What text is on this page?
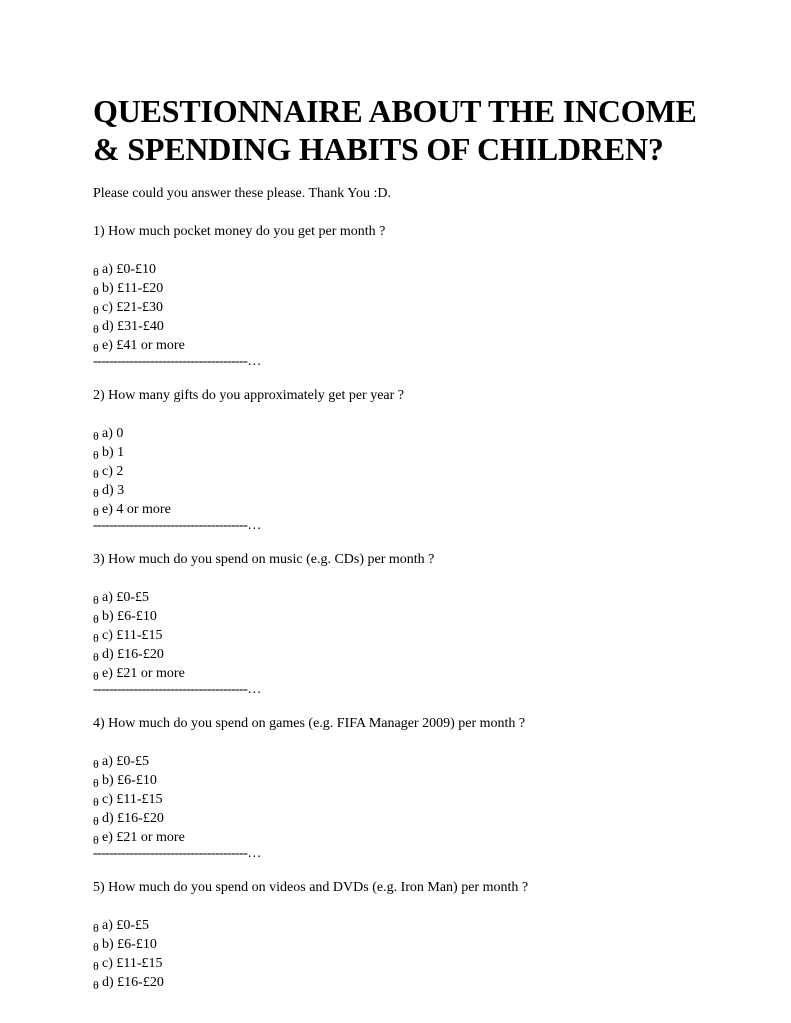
QUESTIONNAIRE ABOUT THE INCOME
& SPENDING HABITS OF CHILDREN?
Please could you answer these please. Thank You :D.
1) How much pocket money do you get per month ?
θ a) £0-£10
θ b) £11-£20
θ c) £21-£30
θ d) £31-£40
θ e) £41 or more
--------------------------------------…
2) How many gifts do you approximately get per year ?
θ a) 0
θ b) 1
θ c) 2
θ d) 3
θ e) 4 or more
--------------------------------------…
3) How much do you spend on music (e.g. CDs) per month ?
θ a) £0-£5
θ b) £6-£10
θ c) £11-£15
θ d) £16-£20
θ e) £21 or more
--------------------------------------…
4) How much do you spend on games (e.g. FIFA Manager 2009) per month ?
θ a) £0-£5
θ b) £6-£10
θ c) £11-£15
θ d) £16-£20
θ e) £21 or more
--------------------------------------…
5) How much do you spend on videos and DVDs (e.g. Iron Man) per month ?
θ a) £0-£5
θ b) £6-£10
θ c) £11-£15
θ d) £16-£20
